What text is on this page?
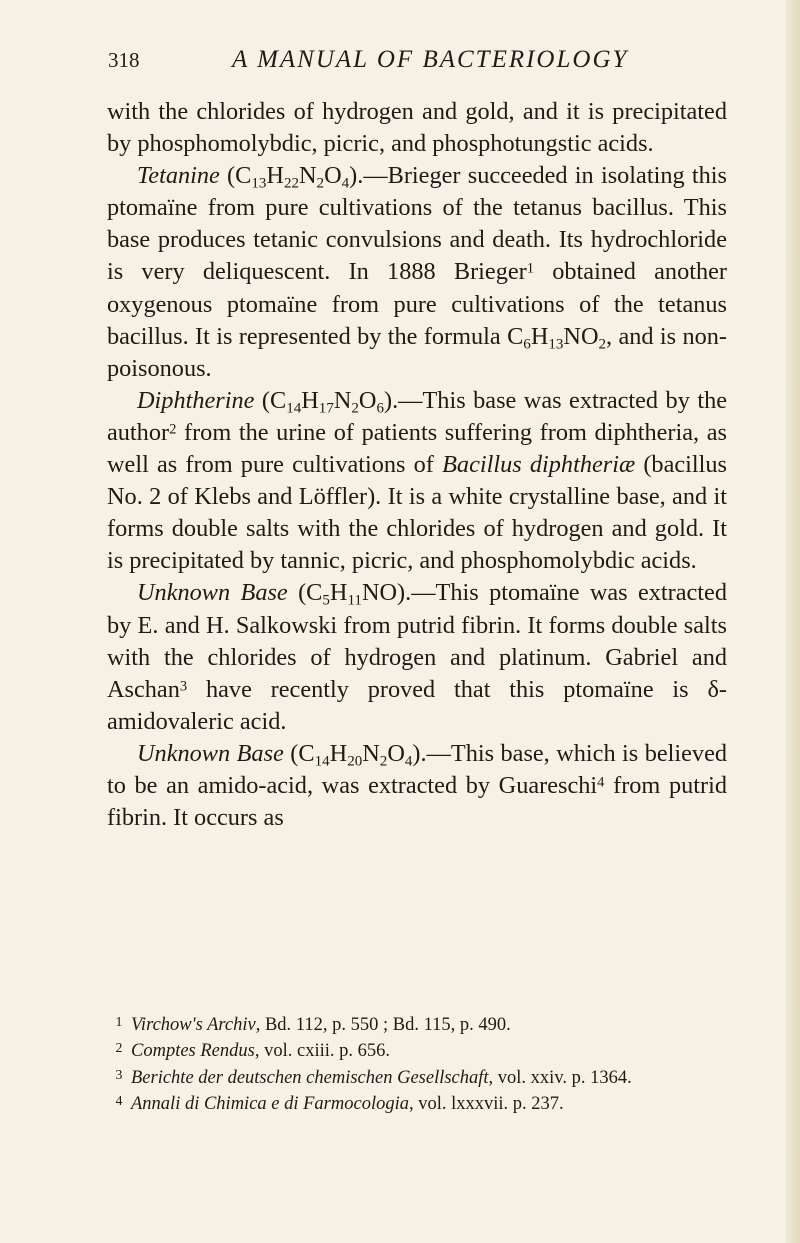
318	A MANUAL OF BACTERIOLOGY

with the chlorides of hydrogen and gold, and it is precipitated by phosphomolybdic, picric, and phosphotungstic acids.

Tetanine $(C_{13}H_{22}N_2O_4).—Brieger$ succeeded in isolating this ptomaïne from pure cultivations of the tetanus bacillus. This base produces tetanic convulsions and death. Its hydrochloride is very deliquescent. In 1888 Brieger$^1$ obtained another oxygenous ptomaïne from pure cultivations of the tetanus bacillus. It is represented by the formula $C_6H_{13}NO_2$, and is non-poisonous.

Diphtherine $(C_{14}H_{17}N_2O_6).—This$ base was extracted by the author$^2$ from the urine of patients suffering from diphtheria, as well as from pure cultivations of Bacillus diphtheriæ (bacillus No. 2 of Klebs and Löffler). It is a white crystalline base, and it forms double salts with the chlorides of hydrogen and gold. It is precipitated by tannic, picric, and phosphomolybdic acids.

Unknown Base $(C_5H_{11}NO).—This$ ptomaïne was extracted by E. and H. Salkowski from putrid fibrin. It forms double salts with the chlorides of hydrogen and platinum. Gabriel and Aschan$^3$ have recently proved that this ptomaïne is δ-amidovaleric acid.

Unknown Base $(C_{14}H_{20}N_2O_4).—This$ base, which is believed to be an amido-acid, was extracted by Guareschi$^4$ from putrid fibrin. It occurs as

1 Virchow's Archiv, Bd. 112, p. 550 ; Bd. 115, p. 490.

2 Comptes Rendus, vol. cxiii. p. 656.

3 Berichte der deutschen chemischen Gesellschaft, vol. xxiv. p. 1364.

4 Annali di Chimica e di Farmocologia, vol. lxxxvii. p. 237.
